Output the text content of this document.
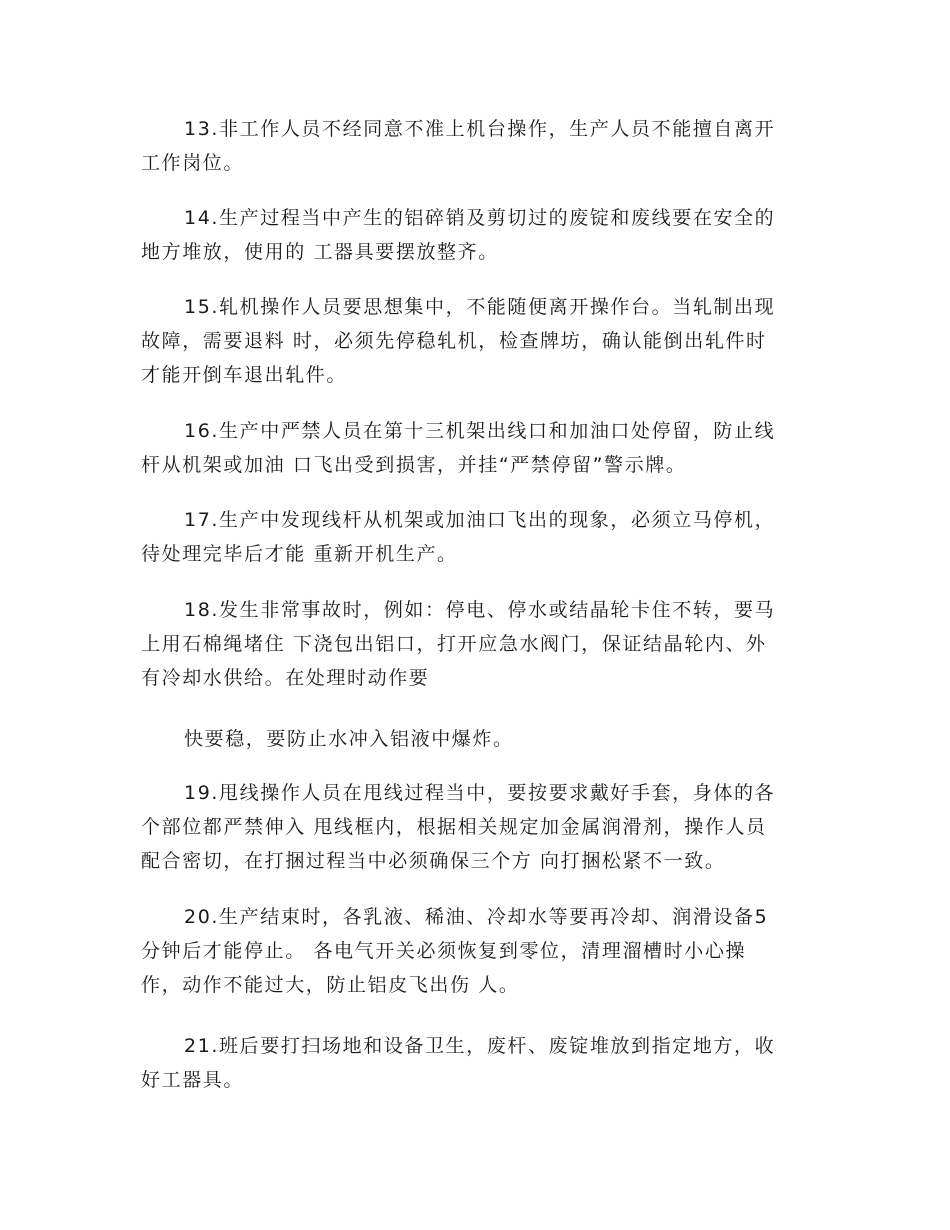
13.非工作人员不经同意不准上机台操作，生产人员不能擅自离开
工作岗位。

14.生产过程当中产生的铝碎销及剪切过的废锭和废线要在安全的
地方堆放，使用的 工器具要摆放整齐。

15.轧机操作人员要思想集中，不能随便离开操作台。当轧制出现
故障，需要退料 时，必须先停稳轧机，检查牌坊，确认能倒出轧件时
才能开倒车退出轧件。

16.生产中严禁人员在第十三机架出线口和加油口处停留，防止线
杆从机架或加油 口飞出受到损害，并挂“严禁停留”警示牌。

17.生产中发现线杆从机架或加油口飞出的现象，必须立马停机，
待处理完毕后才能 重新开机生产。

18.发生非常事故时，例如：停电、停水或结晶轮卡住不转，要马
上用石棉绳堵住 下浇包出铝口，打开应急水阀门，保证结晶轮内、外
有冷却水供给。在处理时动作要

快要稳，要防止水冲入铝液中爆炸。

19.甩线操作人员在甩线过程当中，要按要求戴好手套，身体的各
个部位都严禁伸入 甩线框内，根据相关规定加金属润滑剂，操作人员
配合密切，在打捆过程当中必须确保三个方 向打捆松紧不一致。

20.生产结束时，各乳液、稀油、冷却水等要再冷却、润滑设备5
分钟后才能停止。 各电气开关必须恢复到零位，清理溜槽时小心操
作，动作不能过大，防止铝皮飞出伤 人。

21.班后要打扫场地和设备卫生，废杆、废锭堆放到指定地方，收
好工器具。
